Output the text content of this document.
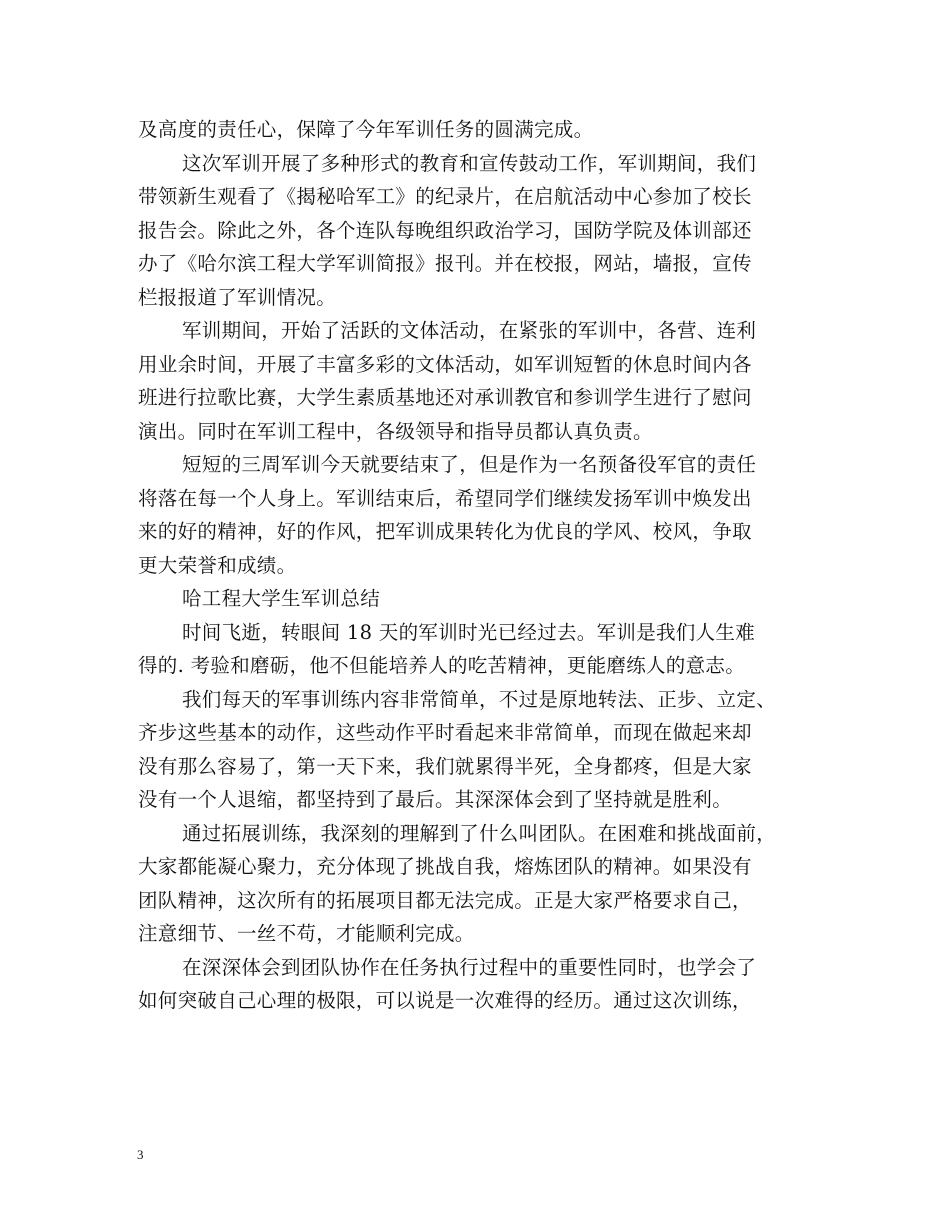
及高度的责任心，保障了今年军训任务的圆满完成。
这次军训开展了多种形式的教育和宣传鼓动工作，军训期间，我们
带领新生观看了《揭秘哈军工》的纪录片，在启航活动中心参加了校长
报告会。除此之外，各个连队每晚组织政治学习，国防学院及体训部还
办了《哈尔滨工程大学军训简报》报刊。并在校报，网站，墙报，宣传
栏报报道了军训情况。
军训期间，开始了活跃的文体活动，在紧张的军训中，各营、连利
用业余时间，开展了丰富多彩的文体活动，如军训短暂的休息时间内各
班进行拉歌比赛，大学生素质基地还对承训教官和参训学生进行了慰问
演出。同时在军训工程中，各级领导和指导员都认真负责。
短短的三周军训今天就要结束了，但是作为一名预备役军官的责任
将落在每一个人身上。军训结束后，希望同学们继续发扬军训中焕发出
来的好的精神，好的作风，把军训成果转化为优良的学风、校风，争取
更大荣誉和成绩。
哈工程大学生军训总结
时间飞逝，转眼间 18 天的军训时光已经过去。军训是我们人生难
得的. 考验和磨砺，他不但能培养人的吃苦精神，更能磨练人的意志。
我们每天的军事训练内容非常简单，不过是原地转法、正步、立定、
齐步这些基本的动作，这些动作平时看起来非常简单，而现在做起来却
没有那么容易了，第一天下来，我们就累得半死，全身都疼，但是大家
没有一个人退缩，都坚持到了最后。其深深体会到了坚持就是胜利。
通过拓展训练，我深刻的理解到了什么叫团队。在困难和挑战面前，
大家都能凝心聚力，充分体现了挑战自我，熔炼团队的精神。如果没有
团队精神，这次所有的拓展项目都无法完成。正是大家严格要求自己，
注意细节、一丝不苟，才能顺利完成。
在深深体会到团队协作在任务执行过程中的重要性同时，也学会了
如何突破自己心理的极限，可以说是一次难得的经历。通过这次训练，
3
